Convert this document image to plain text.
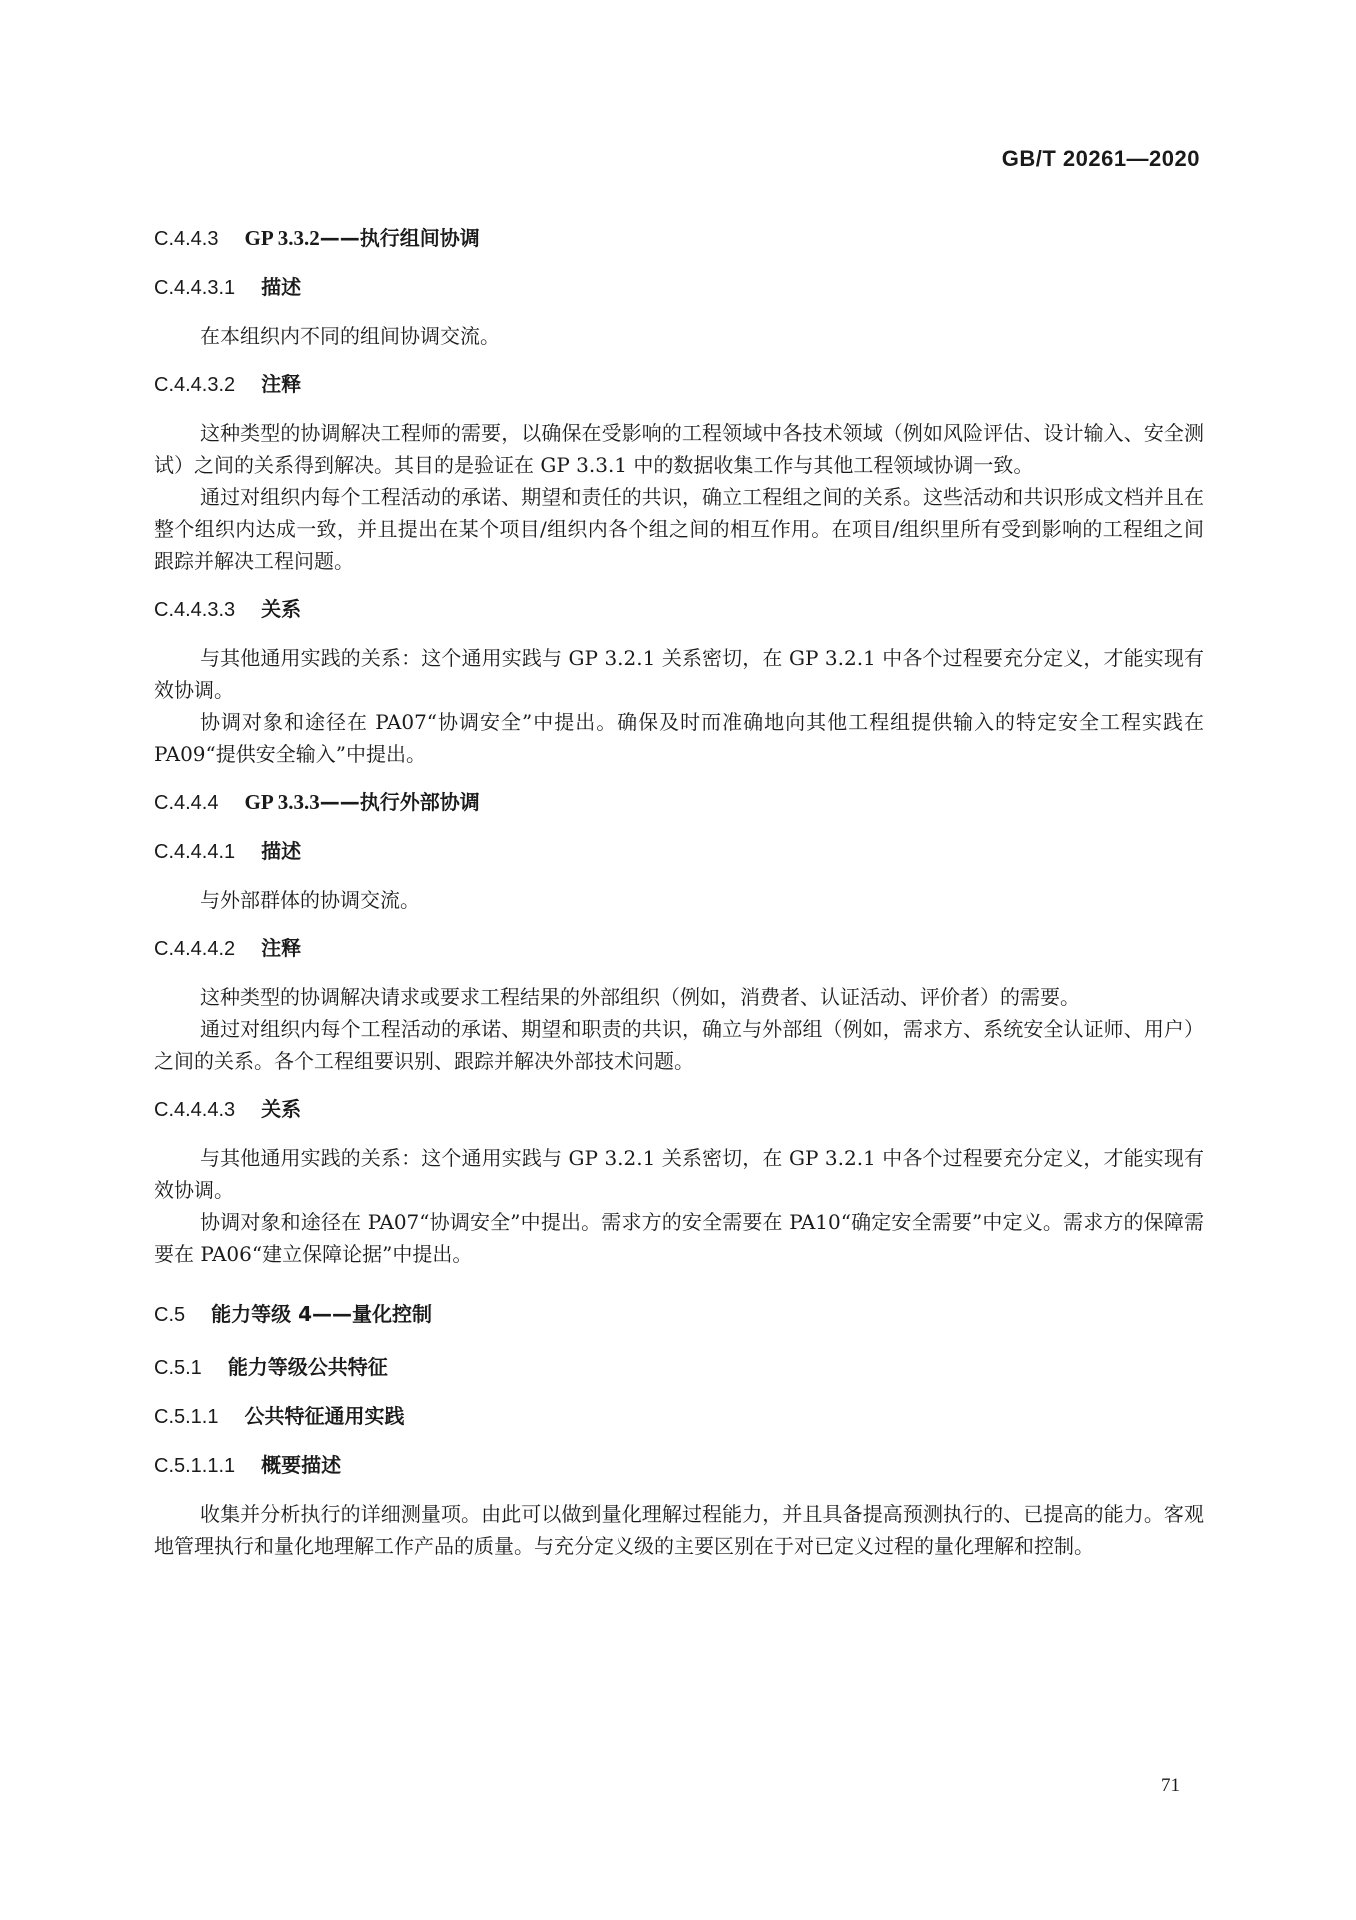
GB/T 20261—2020
C.4.4.3 GP 3.3.2——执行组间协调
C.4.4.3.1 描述

在本组织内不同的组间协调交流。

C.4.4.3.2 注释

这种类型的协调解决工程师的需要，以确保在受影响的工程领域中各技术领域（例如风险评估、设计输入、安全测试）之间的关系得到解决。其目的是验证在 GP 3.3.1 中的数据收集工作与其他工程领域协调一致。

通过对组织内每个工程活动的承诺、期望和责任的共识，确立工程组之间的关系。这些活动和共识形成文档并且在整个组织内达成一致，并且提出在某个项目/组织内各个组之间的相互作用。在项目/组织里所有受到影响的工程组之间跟踪并解决工程问题。

C.4.4.3.3 关系

与其他通用实践的关系：这个通用实践与 GP 3.2.1 关系密切，在 GP 3.2.1 中各个过程要充分定义，才能实现有效协调。

协调对象和途径在 PA07“协调安全”中提出。确保及时而准确地向其他工程组提供输入的特定安全工程实践在 PA09“提供安全输入”中提出。

C.4.4.4 GP 3.3.3——执行外部协调
C.4.4.4.1 描述

与外部群体的协调交流。

C.4.4.4.2 注释

这种类型的协调解决请求或要求工程结果的外部组织（例如，消费者、认证活动、评价者）的需要。

通过对组织内每个工程活动的承诺、期望和职责的共识，确立与外部组（例如，需求方、系统安全认证师、用户）之间的关系。各个工程组要识别、跟踪并解决外部技术问题。

C.4.4.4.3 关系

与其他通用实践的关系：这个通用实践与 GP 3.2.1 关系密切，在 GP 3.2.1 中各个过程要充分定义，才能实现有效协调。

协调对象和途径在 PA07“协调安全”中提出。需求方的安全需要在 PA10“确定安全需要”中定义。需求方的保障需要在 PA06“建立保障论据”中提出。

C.5 能力等级 4——量化控制
C.5.1 能力等级公共特征
C.5.1.1 公共特征通用实践
C.5.1.1.1 概要描述

收集并分析执行的详细测量项。由此可以做到量化理解过程能力，并且具备提高预测执行的、已提高的能力。客观地管理执行和量化地理解工作产品的质量。与充分定义级的主要区别在于对已定义过程的量化理解和控制。

71
